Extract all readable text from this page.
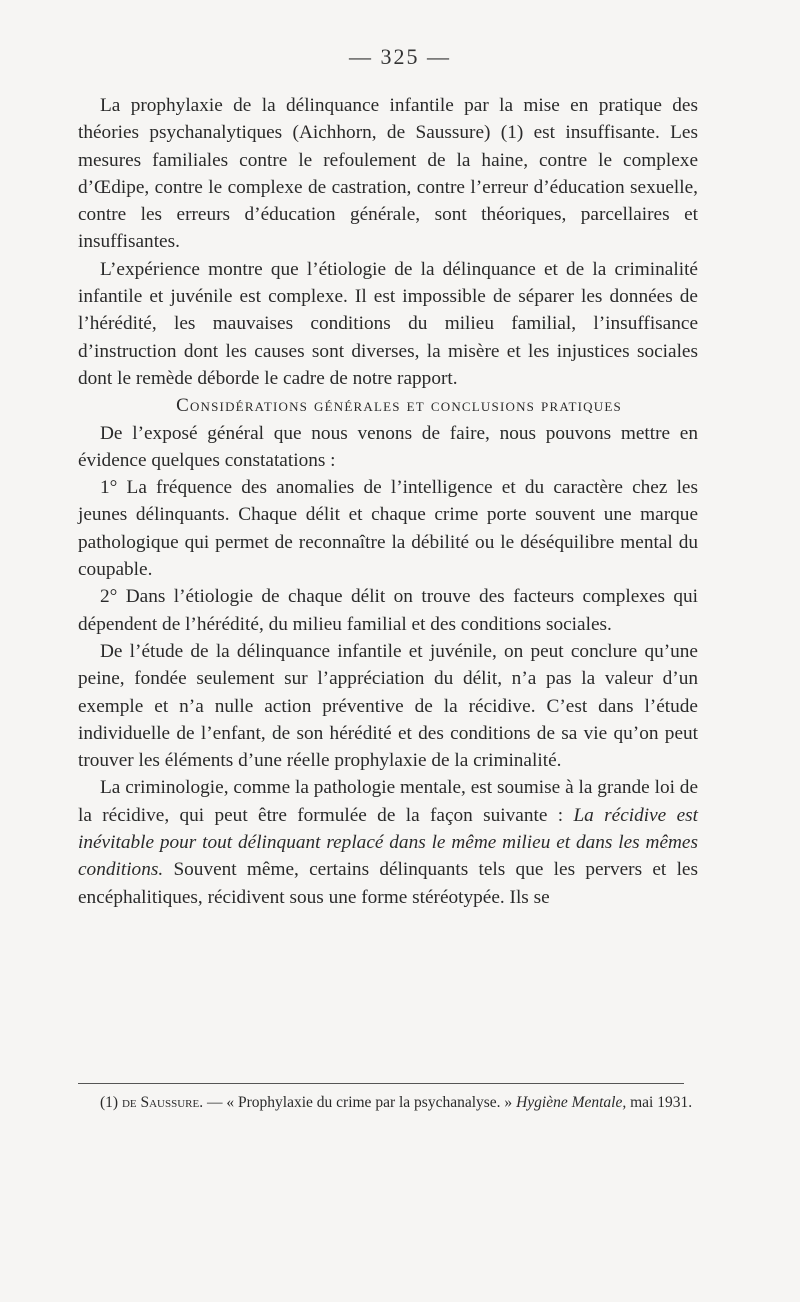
— 325 —

La prophylaxie de la délinquance infantile par la mise en pratique des théories psychanalytiques (Aichhorn, de Saussure) (1) est insuffisante. Les mesures familiales contre le refoulement de la haine, contre le complexe d’Œdipe, contre le complexe de castration, contre l’erreur d’éducation sexuelle, contre les erreurs d’éducation générale, sont théoriques, parcellaires et insuffisantes.

L’expérience montre que l’étiologie de la délinquance et de la criminalité infantile et juvénile est complexe. Il est impossible de séparer les données de l’hérédité, les mauvaises conditions du milieu familial, l’insuffisance d’instruction dont les causes sont diverses, la misère et les injustices sociales dont le remède déborde le cadre de notre rapport.

Considérations générales et conclusions pratiques

De l’exposé général que nous venons de faire, nous pouvons mettre en évidence quelques constatations :

1° La fréquence des anomalies de l’intelligence et du caractère chez les jeunes délinquants. Chaque délit et chaque crime porte souvent une marque pathologique qui permet de reconnaître la débilité ou le déséquilibre mental du coupable.

2° Dans l’étiologie de chaque délit on trouve des facteurs complexes qui dépendent de l’hérédité, du milieu familial et des conditions sociales.

De l’étude de la délinquance infantile et juvénile, on peut conclure qu’une peine, fondée seulement sur l’appréciation du délit, n’a pas la valeur d’un exemple et n’a nulle action préventive de la récidive. C’est dans l’étude individuelle de l’enfant, de son hérédité et des conditions de sa vie qu’on peut trouver les éléments d’une réelle prophylaxie de la criminalité.

La criminologie, comme la pathologie mentale, est soumise à la grande loi de la récidive, qui peut être formulée de la façon suivante : La récidive est inévitable pour tout délinquant replacé dans le même milieu et dans les mêmes conditions. Souvent même, certains délinquants tels que les pervers et les encéphalitiques, récidivent sous une forme stéréotypée. Ils se

(1) de Saussure. — « Prophylaxie du crime par la psychanalyse. » Hygiène Mentale, mai 1931.
